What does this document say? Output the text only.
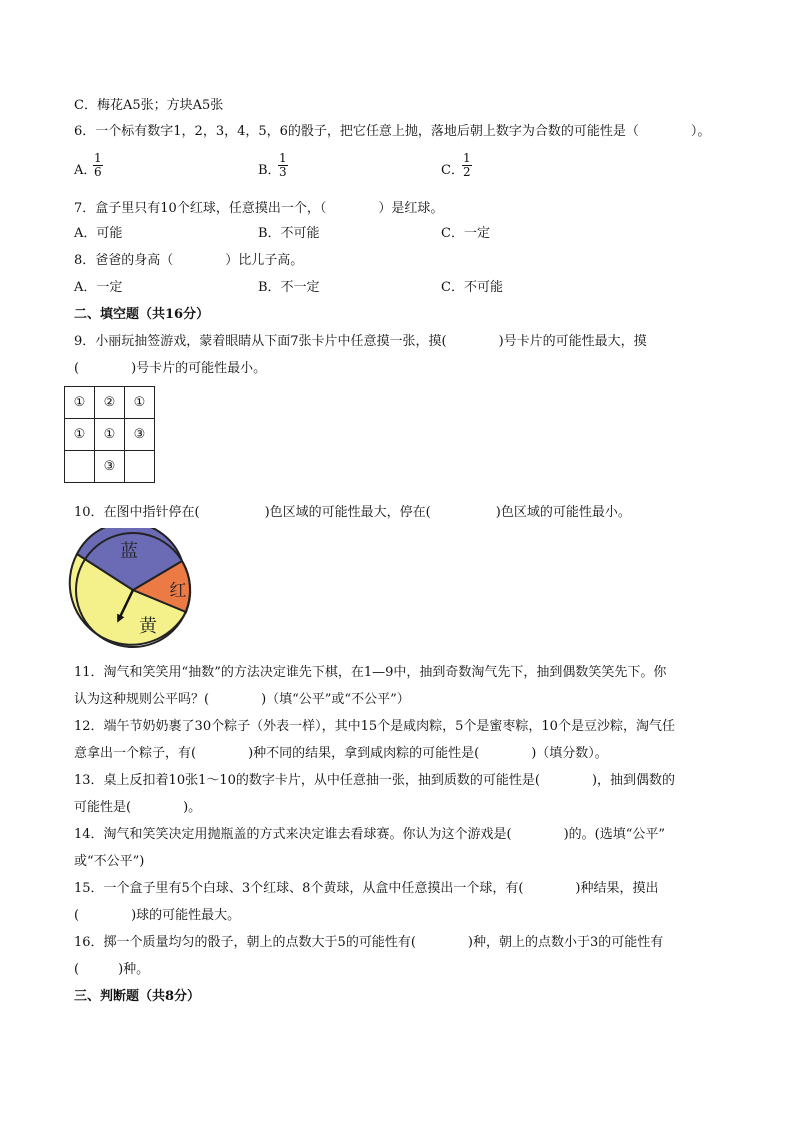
C．梅花A5张；方块A5张
6．一个标有数字1，2，3，4，5，6的骰子，把它任意上抛，落地后朝上数字为合数的可能性是（　　　　）。
A．
$\frac{1}{6}$	B．
$\frac{1}{3}$	C．
$\frac{1}{2}$
7．盒子里只有10个红球，任意摸出一个，（　　　　）是红球。
A．可能	B．不可能	C．一定
8．爸爸的身高（　　　　）比儿子高。
A．一定	B．不一定	C．不可能
二、填空题（共16分）
9．小丽玩抽签游戏，蒙着眼睛从下面7张卡片中任意摸一张，摸(　　　　)号卡片的可能性最大，摸
(　　　　)号卡片的可能性最小。
①	②	①
①	①	③
	③	
10．在图中指针停在(　　　　　)色区域的可能性最大，停在(　　　　　)色区域的可能性最小。
蓝
红
黄
11．淘气和笑笑用“抽数”的方法决定谁先下棋，在1—9中，抽到奇数淘气先下，抽到偶数笑笑先下。你
认为这种规则公平吗？(　　　　)（填“公平”或“不公平”）
12．端午节奶奶裹了30个粽子（外表一样），其中15个是咸肉粽，5个是蜜枣粽，10个是豆沙粽，淘气任
意拿出一个粽子，有(　　　　)种不同的结果，拿到咸肉粽的可能性是(　　　　)（填分数）。
13．桌上反扣着10张1～10的数字卡片，从中任意抽一张，抽到质数的可能性是(　　　　)，抽到偶数的
可能性是(　　　　)。
14．淘气和笑笑决定用抛瓶盖的方式来决定谁去看球赛。你认为这个游戏是(　　　　)的。(选填“公平”
或“不公平”)
15．一个盒子里有5个白球、3个红球、8个黄球，从盒中任意摸出一个球，有(　　　　)种结果，摸出
(　　　　)球的可能性最大。
16．掷一个质量均匀的骰子，朝上的点数大于5的可能性有(　　　　)种，朝上的点数小于3的可能性有
(　　　)种。
三、判断题（共8分）
